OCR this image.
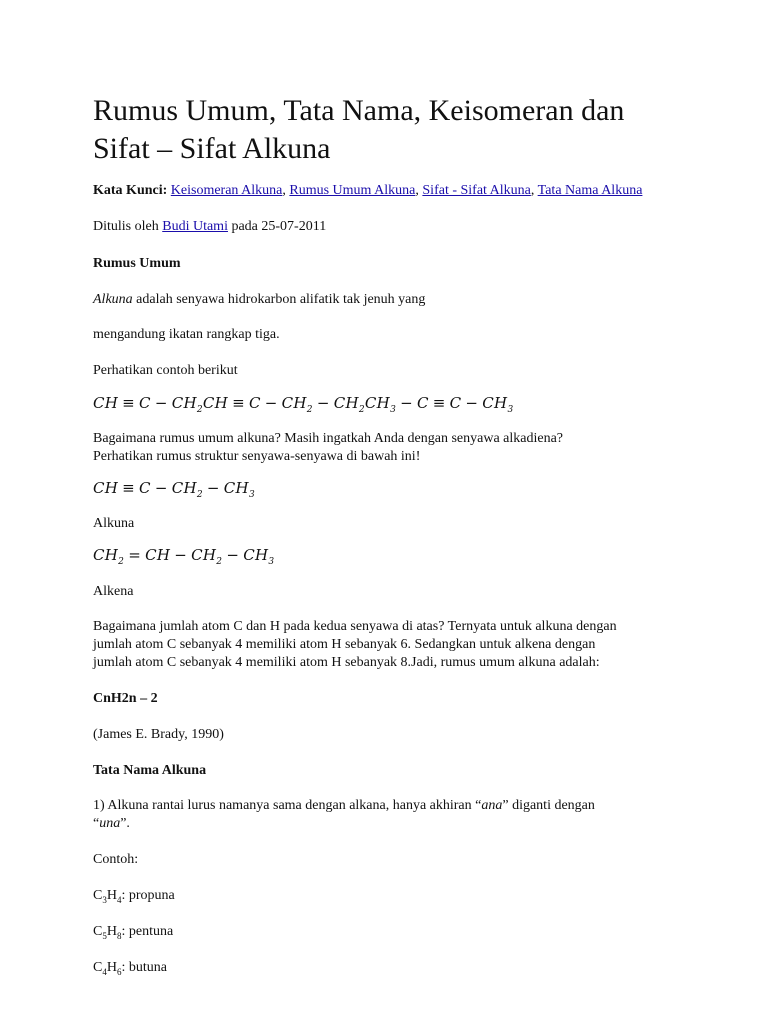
Rumus Umum, Tata Nama, Keisomeran dan
Sifat – Sifat Alkuna
Kata Kunci: Keisomeran Alkuna, Rumus Umum Alkuna, Sifat - Sifat Alkuna, Tata Nama Alkuna
Ditulis oleh Budi Utami pada 25-07-2011
Rumus Umum
Alkuna adalah senyawa hidrokarbon alifatik tak jenuh yang
mengandung ikatan rangkap tiga.
Perhatikan contoh berikut
CH ≡ $C - CH_2CH \equiv C - CH_2 - CH_2CH_3 - C \equiv C - CH_3$
Bagaimana rumus umum alkuna? Masih ingatkah Anda dengan senyawa alkadiena?
Perhatikan rumus struktur senyawa-senyawa di bawah ini!
CH ≡ $C - CH_2 - CH_3$
Alkuna
$CH_2$ = CH − $CH_2 - CH_3$
Alkena
Bagaimana jumlah atom C dan H pada kedua senyawa di atas? Ternyata untuk alkuna dengan
jumlah atom C sebanyak 4 memiliki atom H sebanyak 6. Sedangkan untuk alkena dengan
jumlah atom C sebanyak 4 memiliki atom H sebanyak 8.Jadi, rumus umum alkuna adalah:
CnH2n – 2
(James E. Brady, 1990)
Tata Nama Alkuna
1) Alkuna rantai lurus namanya sama dengan alkana, hanya akhiran “ana” diganti dengan
“una”.
Contoh:
$C_3H_4$: propuna
$C_5H_8$: pentuna
$C_4H_6$: butuna
